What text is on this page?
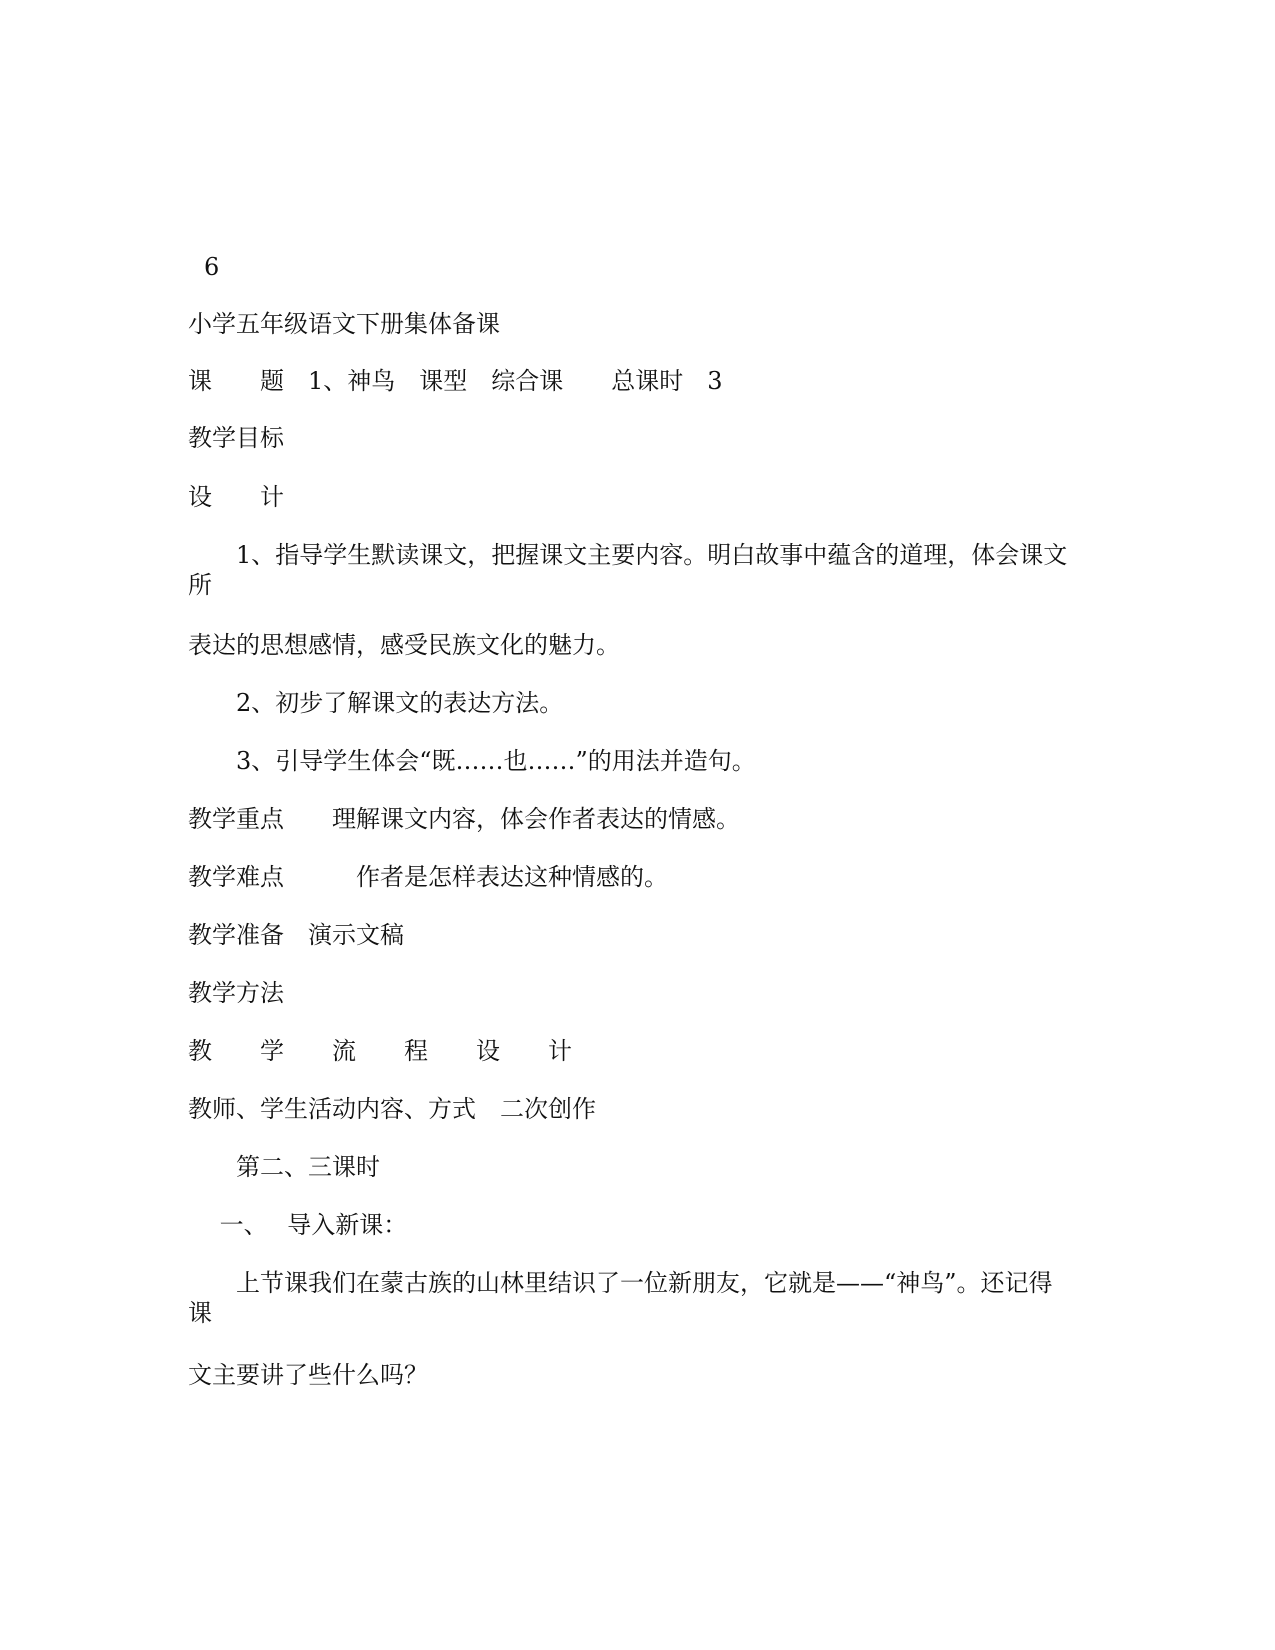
6

小学五年级语文下册集体备课

课　　题　1、神鸟　课型　综合课　　总课时　3

教学目标

设　　计

　　1、指导学生默读课文，把握课文主要内容。明白故事中蕴含的道理，体会课文

所

表达的思想感情，感受民族文化的魅力。

　　2、初步了解课文的表达方法。

　　3、引导学生体会“既……也……”的用法并造句。

教学重点　　理解课文内容，体会作者表达的情感。

教学难点　　　作者是怎样表达这种情感的。

教学准备　演示文稿

教学方法

教　　学　　流　　程　　设　　计

教师、学生活动内容、方式　二次创作

　　第二、三课时

　 一、　 导入新课：

　　上节课我们在蒙古族的山林里结识了一位新朋友，它就是——“神鸟”。还记得

课

文主要讲了些什么吗？
